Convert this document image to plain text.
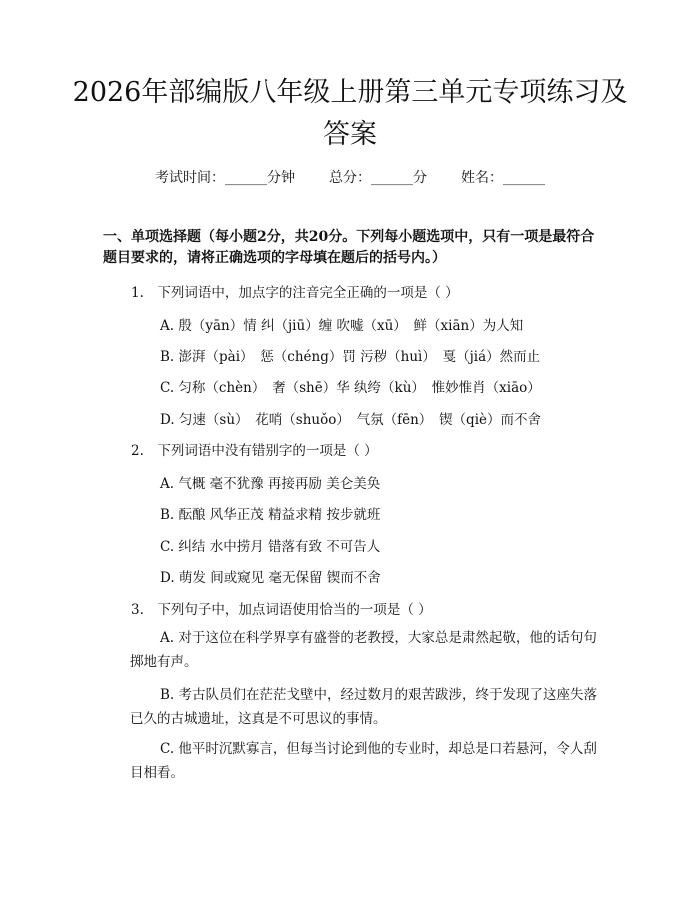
2026年部编版八年级上册第三单元专项练习及答案
考试时间：______分钟 总分：______分 姓名：______

一、单项选择题（每小题2分，共20分。下列每小题选项中，只有一项是最符合题目要求的，请将正确选项的字母填在题后的括号内。）

1.　下列词语中，加点字的注音完全正确的一项是（ ）
A. 殷（yān）情 纠（jiū）缠 吹嘘（xū）　鲜（xiān）为人知
B. 澎湃（pài）　惩（chéng）罚 污秽（huì）　戛（jiá）然而止
C. 匀称（chèn）　奢（shē）华 纨绔（kù）　惟妙惟肖（xiāo）
D. 匀速（sù）　花哨（shuǒo）　气氛（fēn）　锲（qiè）而不舍
2.　下列词语中没有错别字的一项是（ ）
A. 气概 毫不犹豫 再接再励 美仑美奂
B. 酝酿 风华正茂 精益求精 按步就班
C. 纠结 水中捞月 错落有致 不可告人
D. 萌发 间或窥见 毫无保留 锲而不舍
3.　下列句子中，加点词语使用恰当的一项是（ ）

A. 对于这位在科学界享有盛誉的老教授，大家总是肃然起敬，他的话句句掷地有声。

B. 考古队员们在茫茫戈壁中，经过数月的艰苦跋涉，终于发现了这座失落已久的古城遗址，这真是不可思议的事情。

C. 他平时沉默寡言，但每当讨论到他的专业时，却总是口若悬河，令人刮目相看。
